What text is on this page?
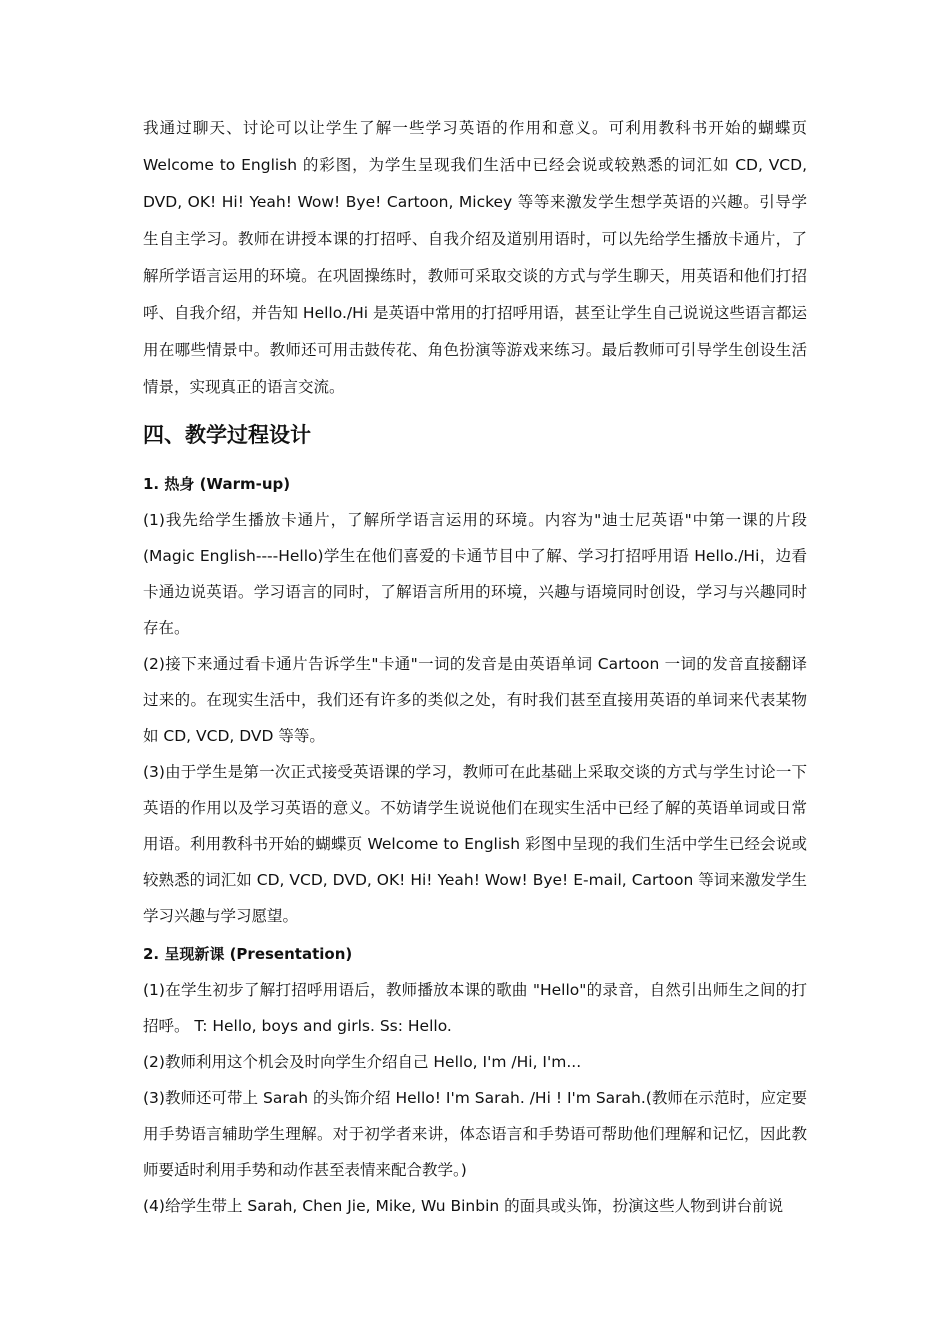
我通过聊天、讨论可以让学生了解一些学习英语的作用和意义。可利用教科书开始的蝴蝶页 Welcome to English 的彩图，为学生呈现我们生活中已经会说或较熟悉的词汇如 CD, VCD, DVD, OK! Hi! Yeah! Wow! Bye! Cartoon, Mickey 等等来激发学生想学英语的兴趣。引导学生自主学习。教师在讲授本课的打招呼、自我介绍及道别用语时，可以先给学生播放卡通片，了解所学语言运用的环境。在巩固操练时，教师可采取交谈的方式与学生聊天，用英语和他们打招呼、自我介绍，并告知 Hello./Hi 是英语中常用的打招呼用语，甚至让学生自己说说这些语言都运用在哪些情景中。教师还可用击鼓传花、角色扮演等游戏来练习。最后教师可引导学生创设生活情景，实现真正的语言交流。

四、教学过程设计
1. 热身 (Warm-up)

(1)我先给学生播放卡通片，了解所学语言运用的环境。内容为"迪士尼英语"中第一课的片段(Magic English----Hello)学生在他们喜爱的卡通节目中了解、学习打招呼用语 Hello./Hi，边看卡通边说英语。学习语言的同时，了解语言所用的环境，兴趣与语境同时创设，学习与兴趣同时存在。

(2)接下来通过看卡通片告诉学生"卡通"一词的发音是由英语单词 Cartoon 一词的发音直接翻译过来的。在现实生活中，我们还有许多的类似之处，有时我们甚至直接用英语的单词来代表某物如 CD, VCD, DVD 等等。

(3)由于学生是第一次正式接受英语课的学习，教师可在此基础上采取交谈的方式与学生讨论一下英语的作用以及学习英语的意义。不妨请学生说说他们在现实生活中已经了解的英语单词或日常用语。利用教科书开始的蝴蝶页 Welcome to English 彩图中呈现的我们生活中学生已经会说或较熟悉的词汇如 CD, VCD, DVD, OK! Hi! Yeah! Wow! Bye! E-mail, Cartoon 等词来激发学生学习兴趣与学习愿望。

2. 呈现新课 (Presentation)

(1)在学生初步了解打招呼用语后，教师播放本课的歌曲 "Hello"的录音，自然引出师生之间的打招呼。 T: Hello, boys and girls. Ss: Hello.

(2)教师利用这个机会及时向学生介绍自己 Hello, I'm /Hi, I'm...

(3)教师还可带上 Sarah 的头饰介绍 Hello! I'm Sarah. /Hi ! I'm Sarah.(教师在示范时，应定要用手势语言辅助学生理解。对于初学者来讲，体态语言和手势语可帮助他们理解和记忆，因此教师要适时利用手势和动作甚至表情来配合教学。)

(4)给学生带上 Sarah, Chen Jie, Mike, Wu Binbin 的面具或头饰，扮演这些人物到讲台前说
